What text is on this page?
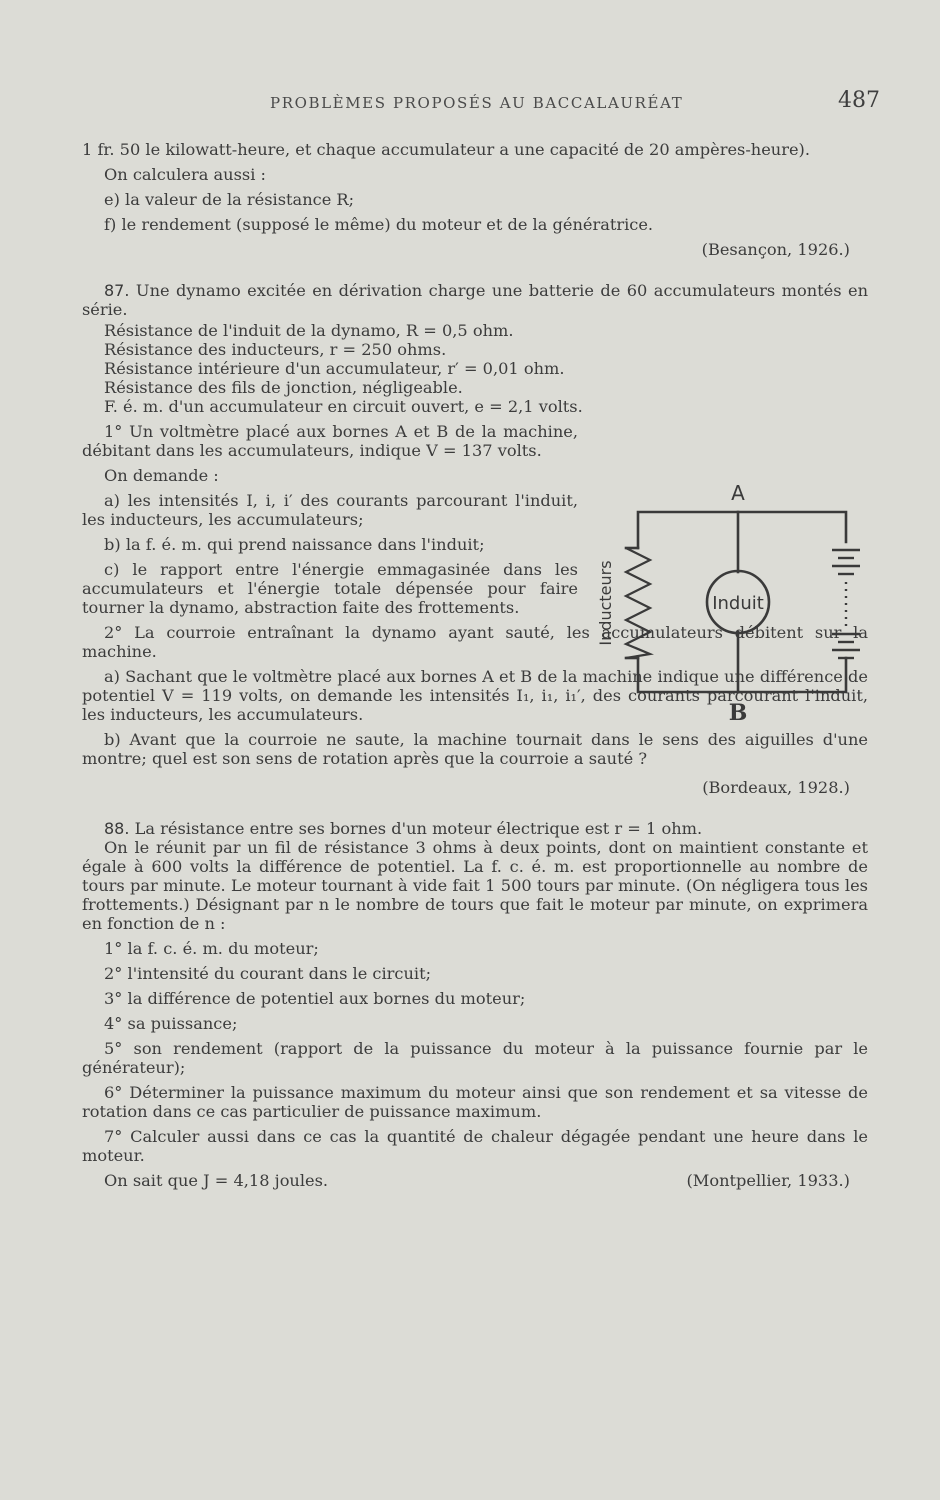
PROBLÈMES PROPOSÉS AU BACCALAURÉAT	487

1 fr. 50 le kilowatt-heure, et chaque accumulateur a une capacité de 20 ampères-heure).

On calculera aussi :

e) la valeur de la résistance R;

f) le rendement (supposé le même) du moteur et de la génératrice.

(Besançon, 1926.)

87. Une dynamo excitée en dérivation charge une batterie de 60 accumulateurs montés en série.

Résistance de l'induit de la dynamo, R = 0,5 ohm.

Résistance des inducteurs, r = 250 ohms.

Résistance intérieure d'un accumulateur, r′ = 0,01 ohm.

Résistance des fils de jonction, négligeable.

F. é. m. d'un accumulateur en circuit ouvert, e = 2,1 volts.

1° Un voltmètre placé aux bornes A et B de la machine, débitant dans les accumulateurs, indique V = 137 volts.

On demande :

a) les intensités I, i, i′ des courants parcourant l'induit, les inducteurs, les accumulateurs;

b) la f. é. m. qui prend naissance dans l'induit;

c) le rapport entre l'énergie emmagasinée dans les accumulateurs et l'énergie totale dépensée pour faire tourner la dynamo, abstraction faite des frottements.

2° La courroie entraînant la dynamo ayant sauté, les accumulateurs débitent sur la machine.

a) Sachant que le voltmètre placé aux bornes A et B de la machine indique une différence de potentiel V = 119 volts, on demande les intensités I₁, i₁, i₁′, des courants parcourant l'induit, les inducteurs, les accumulateurs.

b) Avant que la courroie ne saute, la machine tournait dans le sens des aiguilles d'une montre; quel est son sens de rotation après que la courroie a sauté ?

(Bordeaux, 1928.)

88. La résistance entre ses bornes d'un moteur électrique est r = 1 ohm.

On le réunit par un fil de résistance 3 ohms à deux points, dont on maintient constante et égale à 600 volts la différence de potentiel. La f. c. é. m. est proportionnelle au nombre de tours par minute. Le moteur tournant à vide fait 1 500 tours par minute. (On négligera tous les frottements.) Désignant par n le nombre de tours que fait le moteur par minute, on exprimera en fonction de n :

1° la f. c. é. m. du moteur;

2° l'intensité du courant dans le circuit;

3° la différence de potentiel aux bornes du moteur;

4° sa puissance;

5° son rendement (rapport de la puissance du moteur à la puissance fournie par le générateur);

6° Déterminer la puissance maximum du moteur ainsi que son rendement et sa vitesse de rotation dans ce cas particulier de puissance maximum.

7° Calculer aussi dans ce cas la quantité de chaleur dégagée pendant une heure dans le moteur.

On sait que J = 4,18 joules.	(Montpellier, 1933.)

Induit
Inducteurs
A
B
